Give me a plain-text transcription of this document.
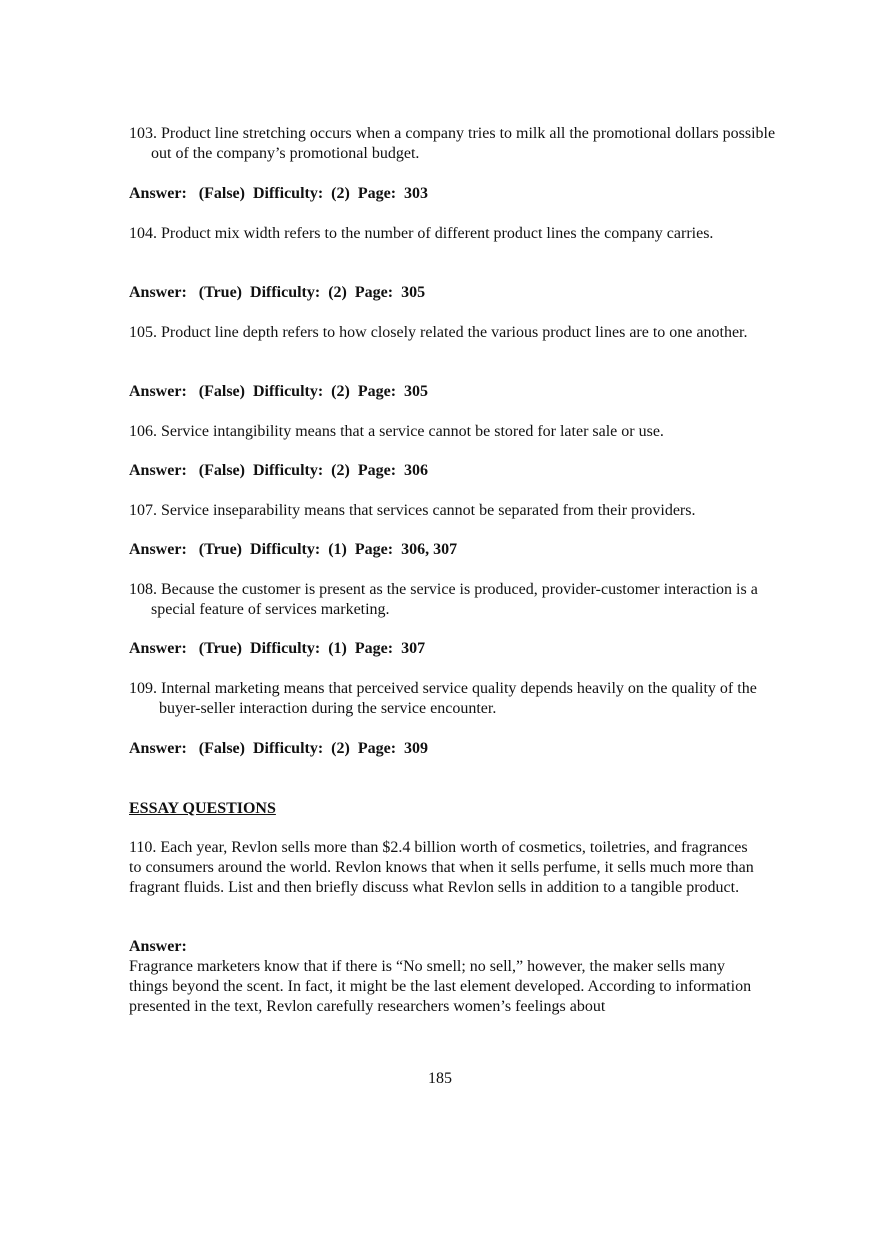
103. Product line stretching occurs when a company tries to milk all the promotional dollars possible out of the company’s promotional budget.

Answer:   (False)  Difficulty:  (2)  Page:  303

104. Product mix width refers to the number of different product lines the company carries.

Answer:   (True)  Difficulty:  (2)  Page:  305

105. Product line depth refers to how closely related the various product lines are to one another.

Answer:   (False)  Difficulty:  (2)  Page:  305

106. Service intangibility means that a service cannot be stored for later sale or use.

Answer:   (False)  Difficulty:  (2)  Page:  306

107. Service inseparability means that services cannot be separated from their providers.

Answer:   (True)  Difficulty:  (1)  Page:  306, 307

108. Because the customer is present as the service is produced, provider-customer interaction is a special feature of services marketing.

Answer:   (True)  Difficulty:  (1)  Page:  307

109. Internal marketing means that perceived service quality depends heavily on the quality of the buyer-seller interaction during the service encounter.

Answer:   (False)  Difficulty:  (2)  Page:  309

ESSAY QUESTIONS

110. Each year, Revlon sells more than $2.4 billion worth of cosmetics, toiletries, and fragrances to consumers around the world. Revlon knows that when it sells perfume, it sells much more than fragrant fluids. List and then briefly discuss what Revlon sells in addition to a tangible product.

Answer:

Fragrance marketers know that if there is “No smell; no sell,” however, the maker sells many things beyond the scent. In fact, it might be the last element developed. According to information presented in the text, Revlon carefully researchers women’s feelings about

185
